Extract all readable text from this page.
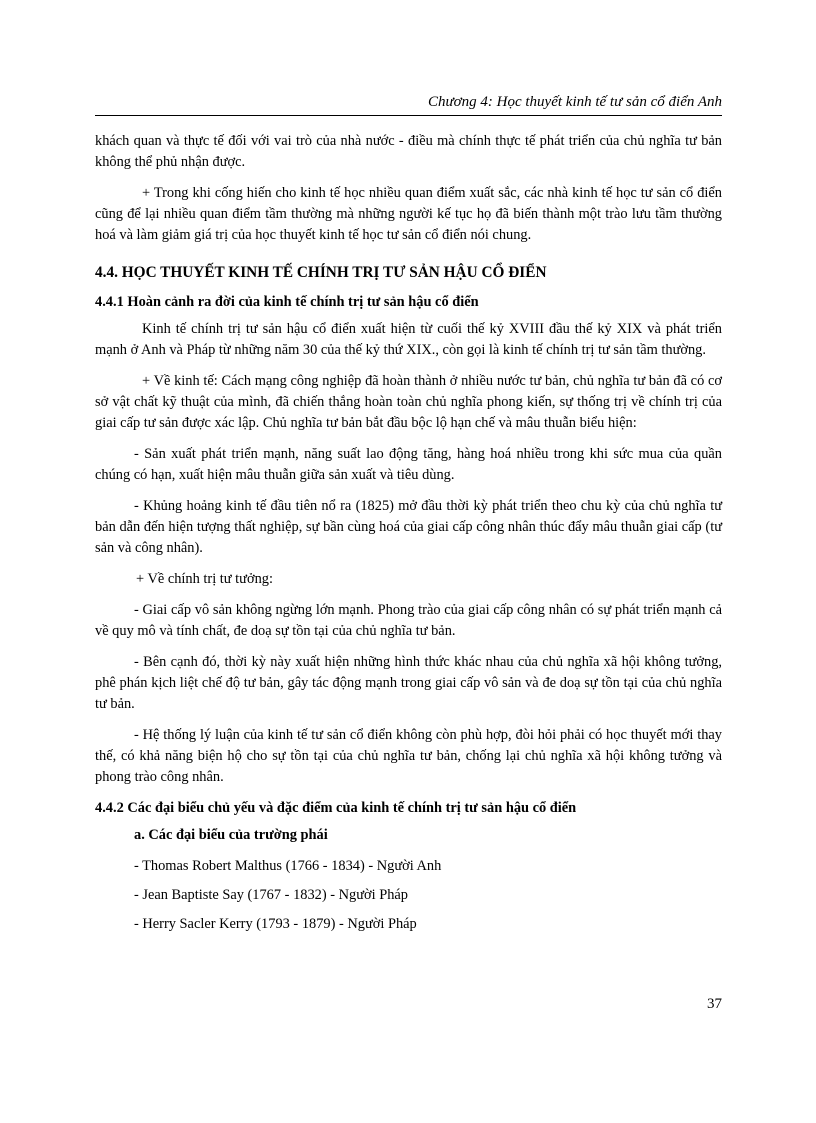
Chương 4: Học thuyết kinh tế tư sản cổ điển Anh

khách quan và thực tế đối với vai trò của nhà nước - điều mà chính thực tế phát triển của chủ nghĩa tư bản không thể phủ nhận được.

+ Trong khi cống hiến cho kinh tế học nhiều quan điểm xuất sắc, các nhà kinh tế học tư sản cổ điển cũng để lại nhiều quan điểm tầm thường mà những người kế tục họ đã biến thành một trào lưu tầm thường hoá và làm giảm giá trị của học thuyết kinh tế học tư sản cổ điển nói chung.

4.4. HỌC THUYẾT KINH TẾ CHÍNH TRỊ TƯ SẢN HẬU CỔ ĐIỂN
4.4.1 Hoàn cảnh ra đời của kinh tế chính trị tư sản hậu cổ điển

Kinh tế chính trị tư sản hậu cổ điển xuất hiện từ cuối thế kỷ XVIII đầu thế kỷ XIX và phát triển mạnh ở Anh và Pháp từ những năm 30 của thế kỷ thứ XIX., còn gọi là kinh tế chính trị tư sản tầm thường.

+ Về kinh tế: Cách mạng công nghiệp đã hoàn thành ở nhiều nước tư bản, chủ nghĩa tư bản đã có cơ sở vật chất kỹ thuật của mình, đã chiến thắng hoàn toàn chủ nghĩa phong kiến, sự thống trị về chính trị của giai cấp tư sản được xác lập. Chủ nghĩa tư bản bắt đầu bộc lộ hạn chế và mâu thuẫn biểu hiện:

- Sản xuất phát triển mạnh, năng suất lao động tăng, hàng hoá nhiều trong khi sức mua của quần chúng có hạn, xuất hiện mâu thuẫn giữa sản xuất và tiêu dùng.

- Khủng hoảng kinh tế đầu tiên nổ ra (1825) mở đầu thời kỳ phát triển theo chu kỳ của chủ nghĩa tư bản dẫn đến hiện tượng thất nghiệp, sự bần cùng hoá của giai cấp công nhân thúc đẩy mâu thuẫn giai cấp (tư sản và công nhân).

+ Về chính trị tư tưởng:

- Giai cấp vô sản không ngừng lớn mạnh. Phong trào của giai cấp công nhân có sự phát triển mạnh cả về quy mô và tính chất, đe doạ sự tồn tại của chủ nghĩa tư bản.

- Bên cạnh đó, thời kỳ này xuất hiện những hình thức khác nhau của chủ nghĩa xã hội không tưởng, phê phán kịch liệt chế độ tư bản, gây tác động mạnh trong giai cấp vô sản và đe doạ sự tồn tại của chủ nghĩa tư bản.

- Hệ thống lý luận của kinh tế tư sản cổ điển không còn phù hợp, đòi hỏi phải có học thuyết mới thay thế, có khả năng biện hộ cho sự tồn tại của chủ nghĩa tư bản, chống lại chủ nghĩa xã hội không tưởng và phong trào công nhân.

4.4.2 Các đại biểu chủ yếu và đặc điểm của kinh tế chính trị tư sản hậu cổ điển
a. Các đại biểu của trường phái
- Thomas Robert Malthus (1766 - 1834) - Người Anh
- Jean Baptiste Say (1767 - 1832) - Người Pháp
- Herry Sacler Kerry (1793 - 1879) - Người Pháp
37
